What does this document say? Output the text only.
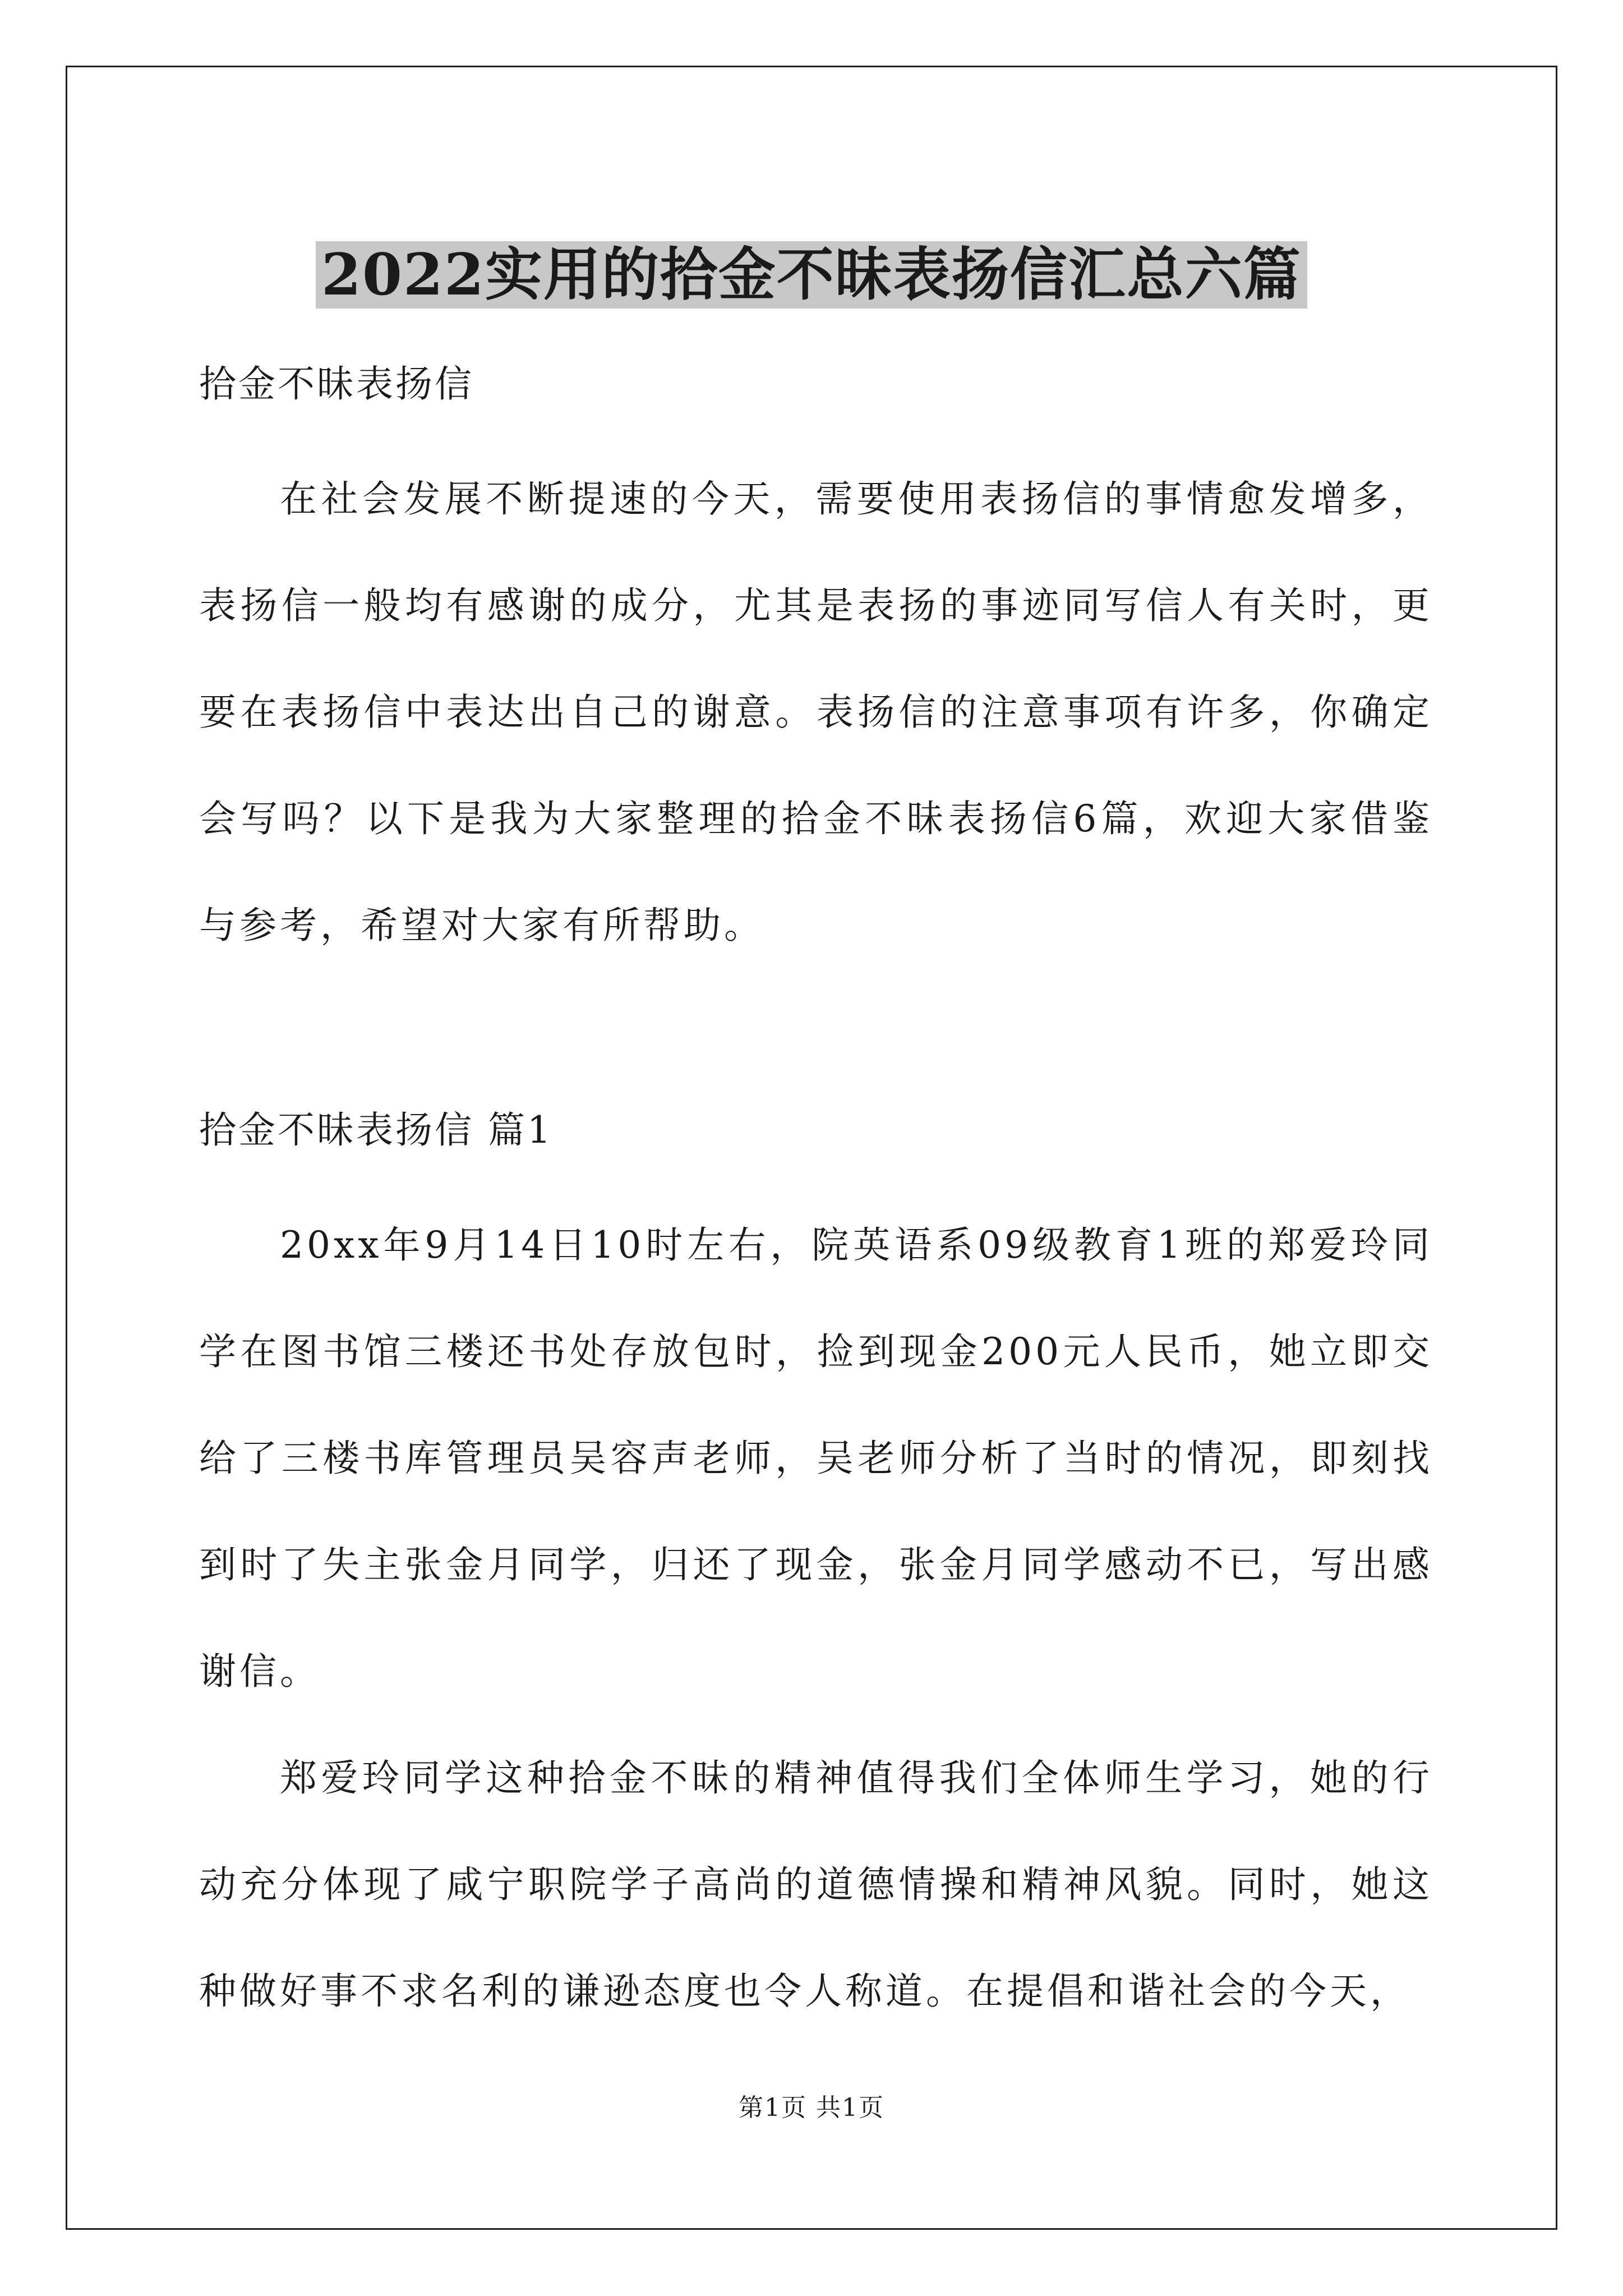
2022实用的拾金不昧表扬信汇总六篇

拾金不昧表扬信

在社会发展不断提速的今天，需要使用表扬信的事情愈发增多，表扬信一般均有感谢的成分，尤其是表扬的事迹同写信人有关时，更要在表扬信中表达出自己的谢意。表扬信的注意事项有许多，你确定会写吗？以下是我为大家整理的拾金不昧表扬信6篇，欢迎大家借鉴与参考，希望对大家有所帮助。

拾金不昧表扬信 篇1

20xx年9月14日10时左右，院英语系09级教育1班的郑爱玲同学在图书馆三楼还书处存放包时，捡到现金200元人民币，她立即交给了三楼书库管理员吴容声老师，吴老师分析了当时的情况，即刻找到时了失主张金月同学，归还了现金，张金月同学感动不已，写出感谢信。

郑爱玲同学这种拾金不昧的精神值得我们全体师生学习，她的行动充分体现了咸宁职院学子高尚的道德情操和精神风貌。同时，她这种做好事不求名利的谦逊态度也令人称道。在提倡和谐社会的今天，

第1页 共1页
